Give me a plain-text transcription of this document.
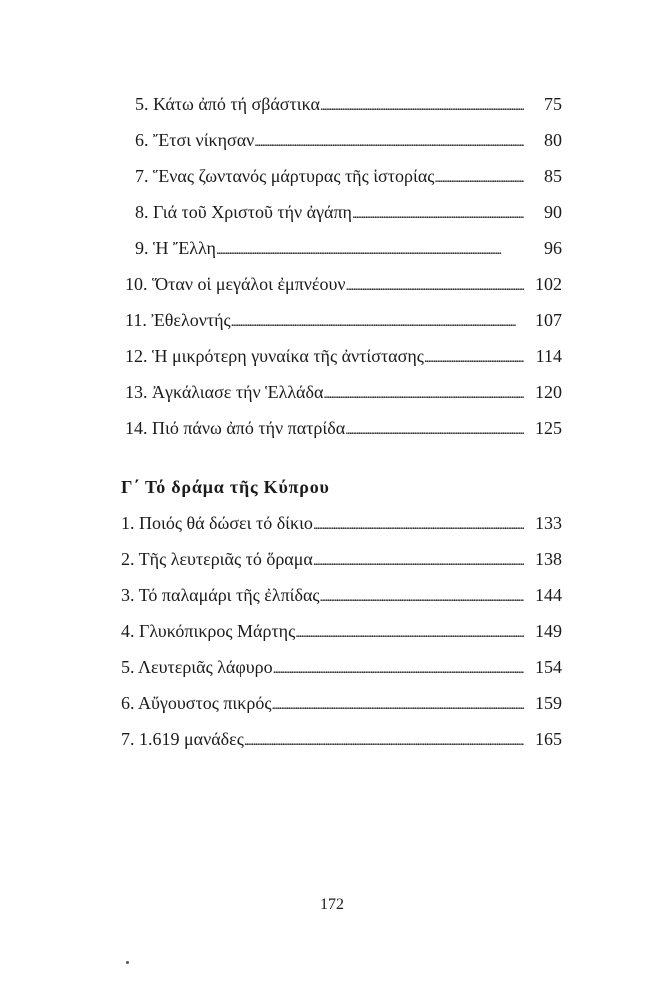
5. Κάτω ἀπό τή σβάστικα . . .	75
6. Ἔτσι νίκησαν . . .	80
7. Ἕνας ζωντανός μάρτυρας τῆς ἱστορίας . . .	85
8. Γιά τοῦ Χριστοῦ τήν ἀγάπη . . .	90
9. Ἡ Ἔλλη . . .	96
10. Ὅταν οἱ μεγάλοι ἐμπνέουν . . .	102
11. Ἐθελοντής . . .	107
12. Ἡ μικρότερη γυναίκα τῆς ἀντίστασης . . .	114
13. Ἀγκάλιασε τήν Ἑλλάδα . . .	120
14. Πιό πάνω ἀπό τήν πατρίδα . . .	125
Γ΄ Τό δράμα τῆς Κύπρου
1. Ποιός θά δώσει τό δίκιο . . .	133
2. Τῆς λευτεριᾶς τό ὅραμα . . .	138
3. Τό παλαμάρι τῆς ἐλπίδας . . .	144
4. Γλυκόπικρος Μάρτης . . .	149
5. Λευτεριᾶς λάφυρο . . .	154
6. Αὔγουστος πικρός . . .	159
7. 1.619 μανάδες . . .	165
172
